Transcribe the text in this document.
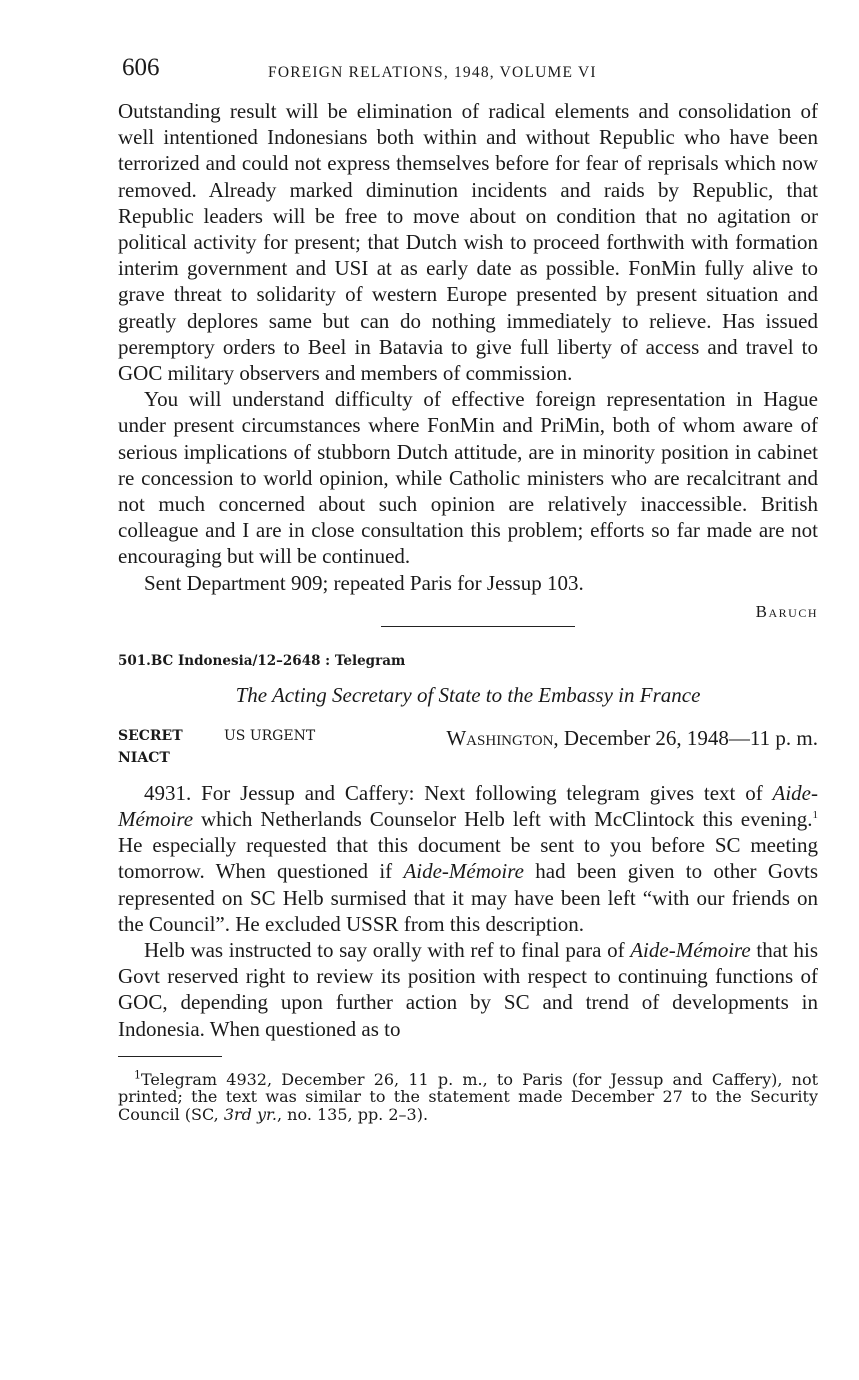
606	FOREIGN RELATIONS, 1948, VOLUME VI

Outstanding result will be elimination of radical elements and consolidation of well intentioned Indonesians both within and without Republic who have been terrorized and could not express themselves before for fear of reprisals which now removed. Already marked diminution incidents and raids by Republic, that Republic leaders will be free to move about on condition that no agitation or political activity for present; that Dutch wish to proceed forthwith with formation interim government and USI at as early date as possible. FonMin fully alive to grave threat to solidarity of western Europe presented by present situation and greatly deplores same but can do nothing immediately to relieve. Has issued peremptory orders to Beel in Batavia to give full liberty of access and travel to GOC military observers and members of commission.

You will understand difficulty of effective foreign representation in Hague under present circumstances where FonMin and PriMin, both of whom aware of serious implications of stubborn Dutch attitude, are in minority position in cabinet re concession to world opinion, while Catholic ministers who are recalcitrant and not much concerned about such opinion are relatively inaccessible. British colleague and I are in close consultation this problem; efforts so far made are not encouraging but will be continued.

Sent Department 909; repeated Paris for Jessup 103.

Baruch
501.BC Indonesia/12–2648 : Telegram
The Acting Secretary of State to the Embassy in France
SECRET
NIACT
US URGENT	Washington, December 26, 1948—11 p. m.

4931. For Jessup and Caffery: Next following telegram gives text of Aide-Mémoire which Netherlands Counselor Helb left with McClintock this evening.$^1$ He especially requested that this document be sent to you before SC meeting tomorrow. When questioned if Aide-Mémoire had been given to other Govts represented on SC Helb surmised that it may have been left “with our friends on the Council”. He excluded USSR from this description.

Helb was instructed to say orally with ref to final para of Aide-Mémoire that his Govt reserved right to review its position with respect to continuing functions of GOC, depending upon further action by SC and trend of developments in Indonesia. When questioned as to

$^1$Telegram 4932, December 26, 11 p. m., to Paris (for Jessup and Caffery), not printed; the text was similar to the statement made December 27 to the Security Council (SC, 3rd yr., no. 135, pp. 2–3).
